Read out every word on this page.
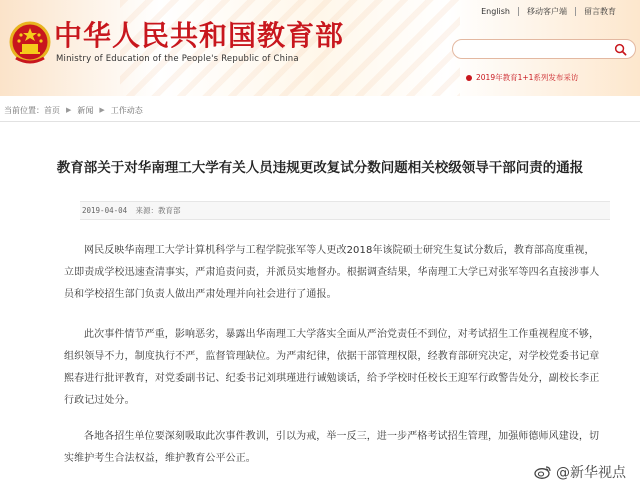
中华人民共和国教育部
Ministry of Education of the People's Republic of China
English	移动客户端	留言教育
2019年教育1+1系列发布采访
当前位置： 首页 ▶ 新闻 ▶ 工作动态
教育部关于对华南理工大学有关人员违规更改复试分数问题相关校级领导干部问责的通报
2019-04-04 来源：教育部
网民反映华南理工大学计算机科学与工程学院张军等人更改2018年该院硕士研究生复试分数后，教育部高度重视，立即责成学校迅速查清事实，严肃追责问责，并派员实地督办。根据调查结果，华南理工大学已对张军等四名直接涉事人员和学校招生部门负责人做出严肃处理并向社会进行了通报。
此次事件情节严重，影响恶劣，暴露出华南理工大学落实全面从严治党责任不到位，对考试招生工作重视程度不够，组织领导不力，制度执行不严，监督管理缺位。为严肃纪律，依据干部管理权限，经教育部研究决定，对学校党委书记章熙春进行批评教育，对党委副书记、纪委书记刘琪瑾进行诫勉谈话，给予学校时任校长王迎军行政警告处分，副校长李正行政记过处分。
各地各招生单位要深刻吸取此次事件教训，引以为戒，举一反三，进一步严格考试招生管理，加强师德师风建设，切实维护考生合法权益，维护教育公平公正。
@新华视点
